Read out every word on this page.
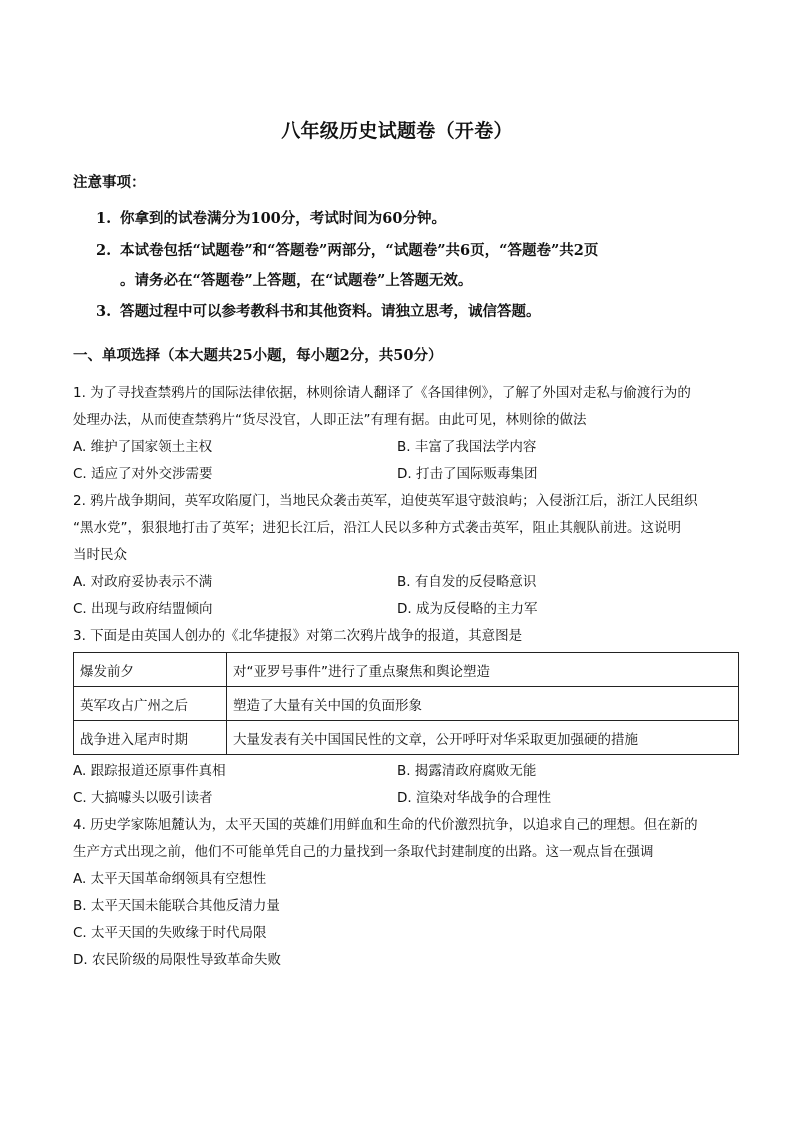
八年级历史试题卷（开卷）
注意事项：
1. 你拿到的试卷满分为100分，考试时间为60分钟。
2. 本试卷包括“试题卷”和“答题卷”两部分，“试题卷”共6页，“答题卷”共2页
。请务必在“答题卷”上答题，在“试题卷”上答题无效。
3. 答题过程中可以参考教科书和其他资料。请独立思考，诚信答题。
一、单项选择（本大题共25小题，每小题2分，共50分）
1. 为了寻找查禁鸦片的国际法律依据，林则徐请人翻译了《各国律例》，了解了外国对走私与偷渡行为的
处理办法，从而使查禁鸦片“货尽没官，人即正法”有理有据。由此可见，林则徐的做法
A. 维护了国家领土主权	B. 丰富了我国法学内容
C. 适应了对外交涉需要	D. 打击了国际贩毒集团
2. 鸦片战争期间，英军攻陷厦门，当地民众袭击英军，迫使英军退守鼓浪屿；入侵浙江后，浙江人民组织
“黑水党”，狠狠地打击了英军；进犯长江后，沿江人民以多种方式袭击英军，阻止其舰队前进。这说明
当时民众
A. 对政府妥协表示不满	B. 有自发的反侵略意识
C. 出现与政府结盟倾向	D. 成为反侵略的主力军
3. 下面是由英国人创办的《北华捷报》对第二次鸦片战争的报道，其意图是
爆发前夕	对“亚罗号事件”进行了重点聚焦和舆论塑造
英军攻占广州之后	塑造了大量有关中国的负面形象
战争进入尾声时期	大量发表有关中国国民性的文章，公开呼吁对华采取更加强硬的措施
A. 跟踪报道还原事件真相	B. 揭露清政府腐败无能
C. 大搞噱头以吸引读者	D. 渲染对华战争的合理性
4. 历史学家陈旭麓认为，太平天国的英雄们用鲜血和生命的代价激烈抗争，以追求自己的理想。但在新的
生产方式出现之前，他们不可能单凭自己的力量找到一条取代封建制度的出路。这一观点旨在强调
A. 太平天国革命纲领具有空想性
B. 太平天国未能联合其他反清力量
C. 太平天国的失败缘于时代局限
D. 农民阶级的局限性导致革命失败
